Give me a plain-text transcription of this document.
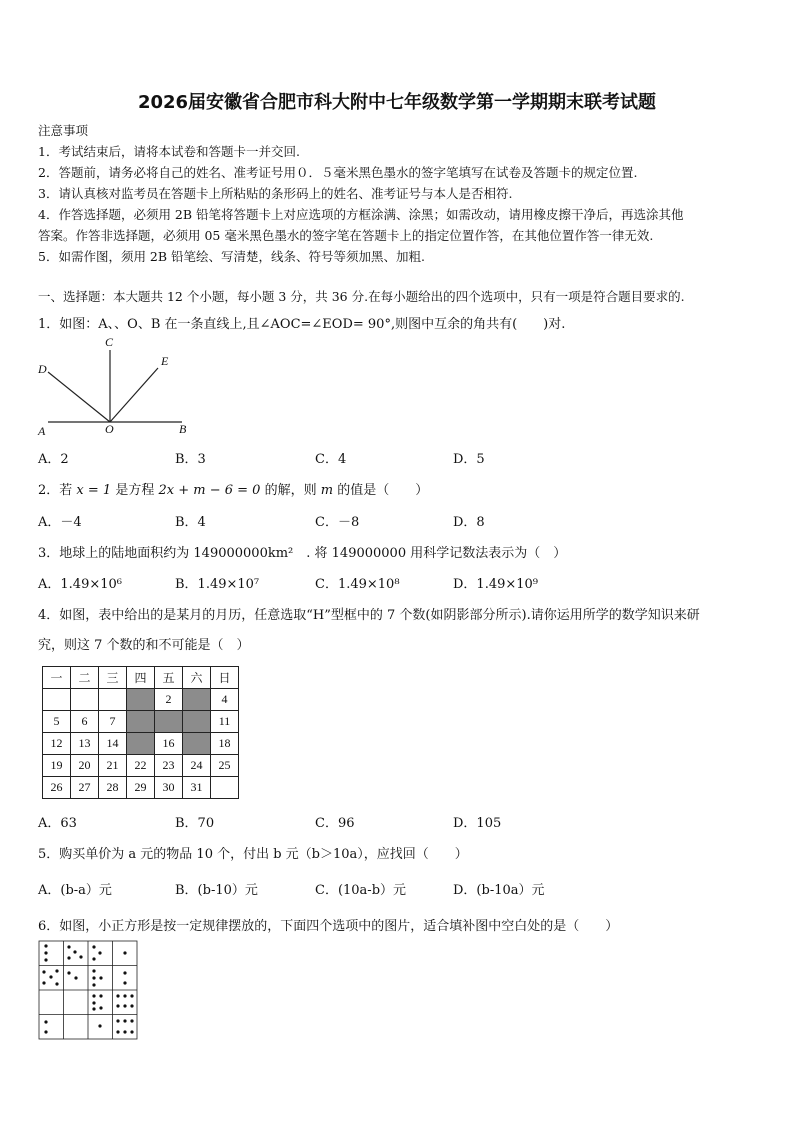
2026届安徽省合肥市科大附中七年级数学第一学期期末联考试题
注意事项
1．考试结束后，请将本试卷和答题卡一并交回.
2．答题前，请务必将自己的姓名、准考证号用０．５毫米黑色墨水的签字笔填写在试卷及答题卡的规定位置.
3．请认真核对监考员在答题卡上所粘贴的条形码上的姓名、准考证号与本人是否相符.
4．作答选择题，必须用 2B 铅笔将答题卡上对应选项的方框涂满、涂黑；如需改动，请用橡皮擦干净后，再选涂其他
答案。作答非选择题，必须用 05 毫米黑色墨水的签字笔在答题卡上的指定位置作答，在其他位置作答一律无效.
5．如需作图，须用 2B 铅笔绘、写清楚，线条、符号等须加黑、加粗.
一、选择题：本大题共 12 个小题，每小题 3 分，共 36 分.在每小题给出的四个选项中，只有一项是符合题目要求的.
1．如图：A、、O、B 在一条直线上,且∠AOC=∠EOD= 90°,则图中互余的角共有(　　)对.
C
D
E
A	O	B
A．2	B．3	C．4	D．5
2．若 x = 1 是方程 2x + m − 6 = 0 的解，则 m 的值是（　　）
A．－4	B．4	C．－8	D．8
3．地球上的陆地面积约为 149000000km²　. 将 149000000 用科学记数法表示为（　）
A．1.49×10⁶	B．1.49×10⁷	C．1.49×10⁸	D．1.49×10⁹
4．如图，表中给出的是某月的月历，任意选取“H”型框中的 7 个数(如阴影部分所示).请你运用所学的数学知识来研
究，则这 7 个数的和不可能是（　）
一	二	三	四	五	六	日
				2		4
5	6	7				11
12	13	14		16		18
19	20	21	22	23	24	25
26	27	28	29	30	31	
A．63	B．70	C．96	D．105
5．购买单价为 a 元的物品 10 个，付出 b 元（b＞10a），应找回（　　）
A．(b-a）元	B．(b-10）元	C．(10a-b）元	D．(b-10a）元
6．如图，小正方形是按一定规律摆放的，下面四个选项中的图片，适合填补图中空白处的是（　　）
